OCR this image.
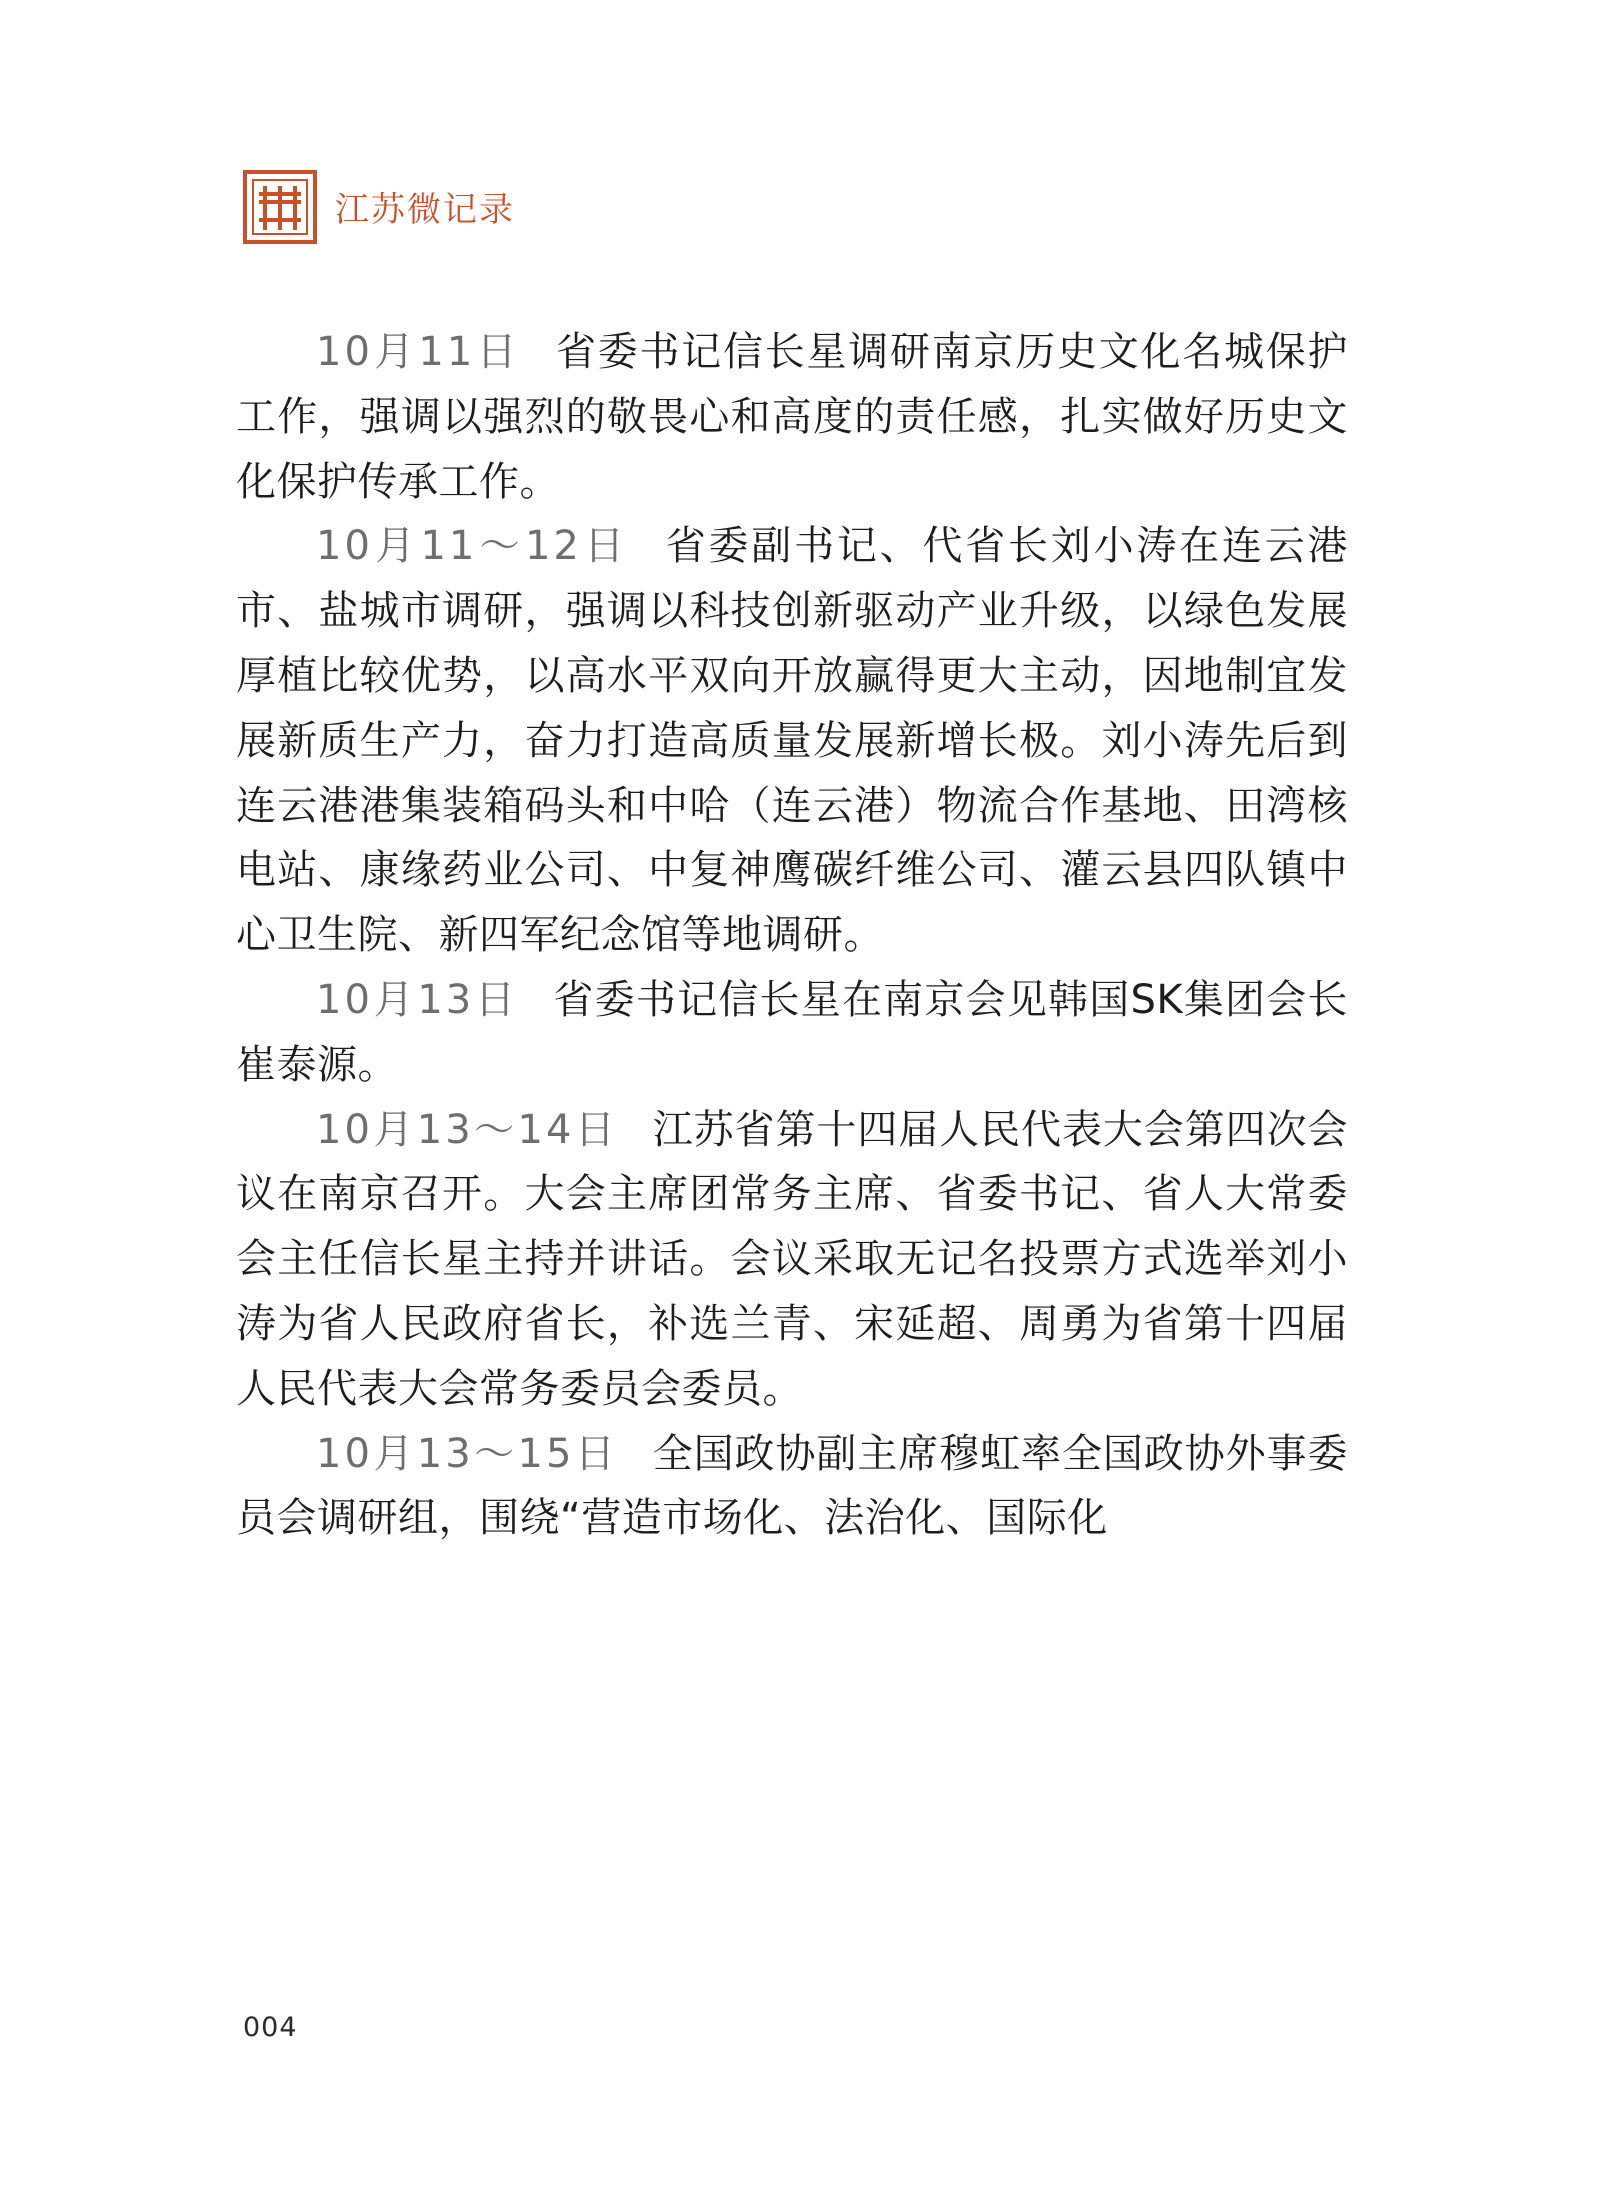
江苏微记录

10月11日 省委书记信长星调研南京历史文化名城保护工作，强调以强烈的敬畏心和高度的责任感，扎实做好历史文化保护传承工作。

10月11～12日 省委副书记、代省长刘小涛在连云港市、盐城市调研，强调以科技创新驱动产业升级，以绿色发展厚植比较优势，以高水平双向开放赢得更大主动，因地制宜发展新质生产力，奋力打造高质量发展新增长极。刘小涛先后到连云港港集装箱码头和中哈（连云港）物流合作基地、田湾核电站、康缘药业公司、中复神鹰碳纤维公司、灌云县四队镇中心卫生院、新四军纪念馆等地调研。

10月13日 省委书记信长星在南京会见韩国SK集团会长崔泰源。

10月13～14日 江苏省第十四届人民代表大会第四次会议在南京召开。大会主席团常务主席、省委书记、省人大常委会主任信长星主持并讲话。会议采取无记名投票方式选举刘小涛为省人民政府省长，补选兰青、宋延超、周勇为省第十四届人民代表大会常务委员会委员。

10月13～15日 全国政协副主席穆虹率全国政协外事委员会调研组，围绕“营造市场化、法治化、国际化

004
